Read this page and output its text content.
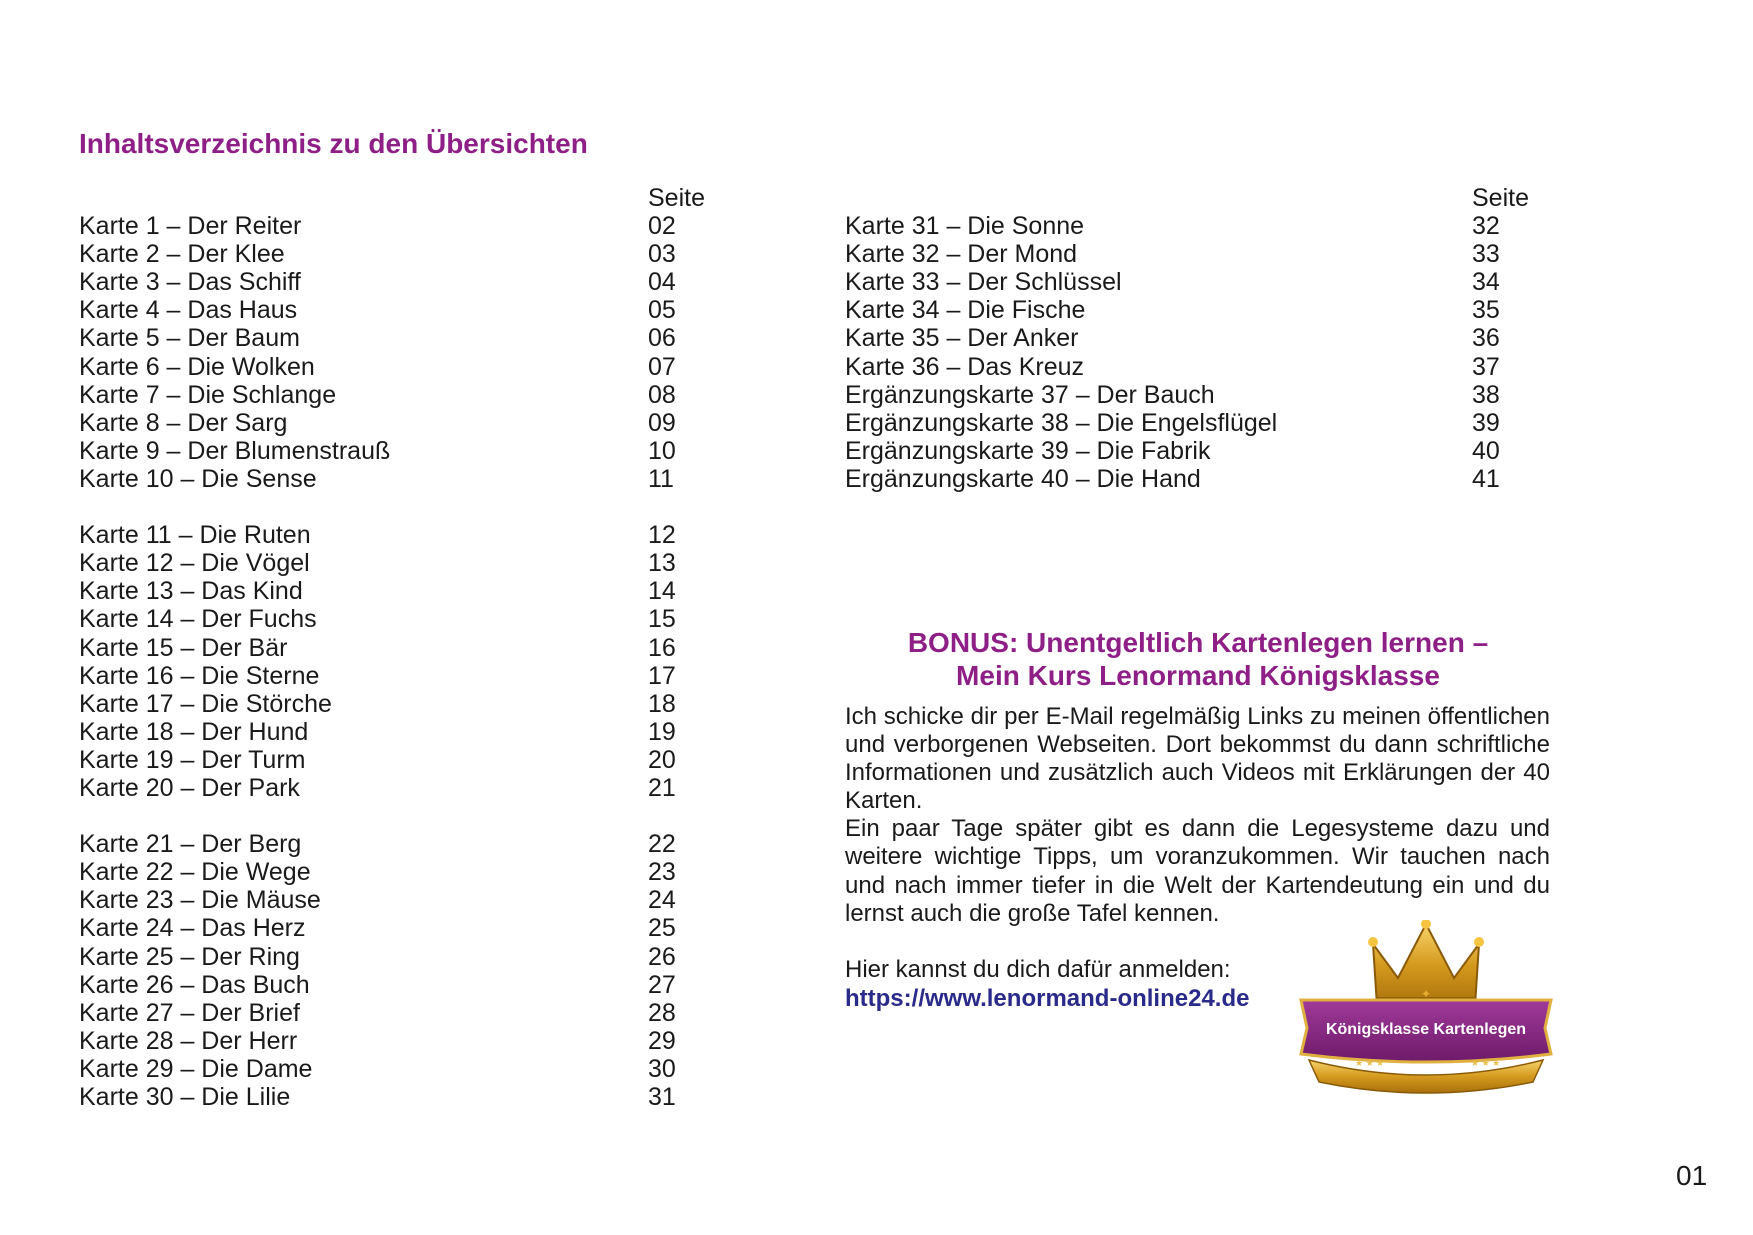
Inhaltsverzeichnis zu den Übersichten
Seite
Karte 1 – Der Reiter	02
Karte 2 – Der Klee	03
Karte 3 – Das Schiff	04
Karte 4 – Das Haus	05
Karte 5 – Der Baum	06
Karte 6 – Die Wolken	07
Karte 7 – Die Schlange	08
Karte 8 – Der Sarg	09
Karte 9 – Der Blumenstrauß	10
Karte 10 – Die Sense	11
Karte 11 – Die Ruten	12
Karte 12 – Die Vögel	13
Karte 13 – Das Kind	14
Karte 14 – Der Fuchs	15
Karte 15 – Der Bär	16
Karte 16 – Die Sterne	17
Karte 17 – Die Störche	18
Karte 18 – Der Hund	19
Karte 19 – Der Turm	20
Karte 20 – Der Park	21
Karte 21 – Der Berg	22
Karte 22 – Die Wege	23
Karte 23 – Die Mäuse	24
Karte 24 – Das Herz	25
Karte 25 – Der Ring	26
Karte 26 – Das Buch	27
Karte 27 – Der Brief	28
Karte 28 – Der Herr	29
Karte 29 – Die Dame	30
Karte 30 – Die Lilie	31
Seite
Karte 31 – Die Sonne	32
Karte 32 – Der Mond	33
Karte 33 – Der Schlüssel	34
Karte 34 – Die Fische	35
Karte 35 – Der Anker	36
Karte 36 – Das Kreuz	37
Ergänzungskarte 37 – Der Bauch	38
Ergänzungskarte 38 – Die Engelsflügel	39
Ergänzungskarte 39 – Die Fabrik	40
Ergänzungskarte 40 – Die Hand	41
BONUS: Unentgeltlich Kartenlegen lernen –
Mein Kurs Lenormand Königsklasse

Ich schicke dir per E-Mail regelmäßig Links zu meinen öffentlichen und verborgenen Webseiten. Dort bekommst du dann schriftliche Informationen und zusätzlich auch Videos mit Erklärungen der 40 Karten.

Ein paar Tage später gibt es dann die Legesysteme dazu und weitere wichtige Tipps, um voranzukommen. Wir tauchen nach und nach immer tiefer in die Welt der Kartendeutung ein und du lernst auch die große Tafel kennen.

Hier kannst du dich dafür anmelden:
https://www.lenormand-online24.de	✦
★ ★ ★	★ ★ ★
Königsklasse Kartenlegen
01
